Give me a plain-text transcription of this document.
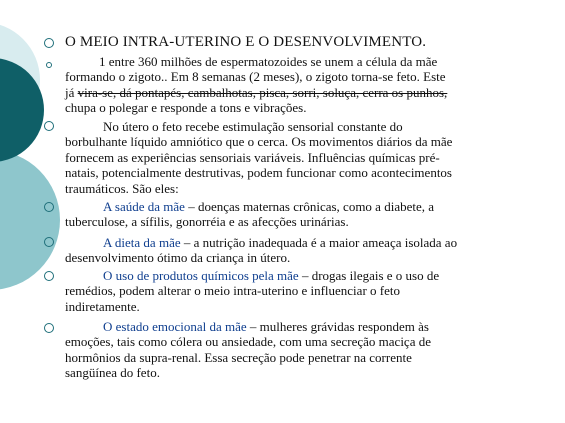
O MEIO INTRA-UTERINO E O DESENVOLVIMENTO.

1 entre 360 milhões de espermatozoides se unem a célula da mãe
formando o zigoto.. Em 8 semanas (2 meses), o zigoto torna-se feto. Este
já vira-se, dá pontapés, cambalhotas, pisca, sorri, soluça, cerra os punhos,
chupa o polegar e responde a tons e vibrações.

No útero o feto recebe estimulação sensorial constante do
borbulhante líquido amniótico que o cerca. Os movimentos diários da mãe
fornecem as experiências sensoriais variáveis. Influências químicas pré-
natais, potencialmente destrutivas, podem funcionar como acontecimentos
traumáticos. São eles:

A saúde da mãe – doenças maternas crônicas, como a diabete, a
tuberculose, a sífilis, gonorréia e as afecções urinárias.

A dieta da mãe – a nutrição inadequada é a maior ameaça isolada ao
desenvolvimento ótimo da criança in útero.

O uso de produtos químicos pela mãe – drogas ilegais e o uso de
remédios, podem alterar o meio intra-uterino e influenciar o feto
indiretamente.

O estado emocional da mãe – mulheres grávidas respondem às
emoções, tais como cólera ou ansiedade, com uma secreção maciça de
hormônios da supra-renal. Essa secreção pode penetrar na corrente
sangüínea do feto.
